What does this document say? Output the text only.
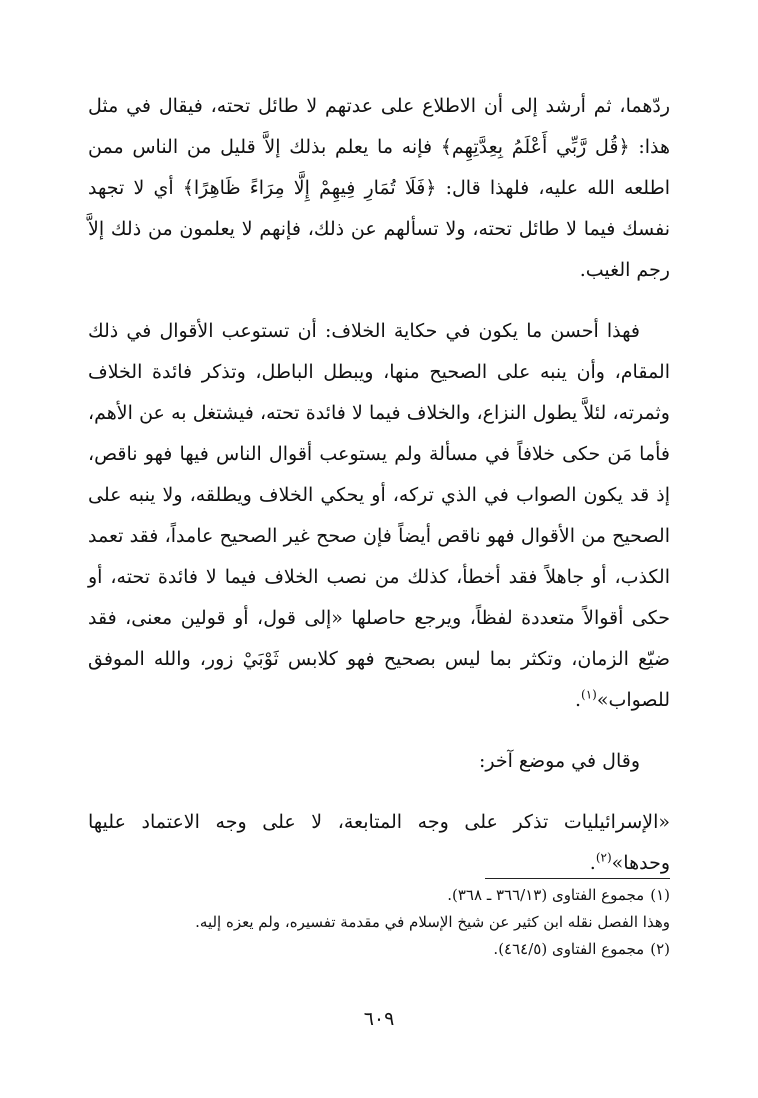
ردّهما، ثم أرشد إلى أن الاطلاع على عدتهم لا طائل تحته، فيقال في مثل هذا: ﴿قُل رَّبِّي أَعْلَمُ بِعِدَّتِهِم﴾ فإنه ما يعلم بذلك إلاَّ قليل من الناس ممن اطلعه الله عليه، فلهذا قال: ﴿فَلَا تُمَارِ فِيهِمْ إِلَّا مِرَاءً ظَاهِرًا﴾ أي لا تجهد نفسك فيما لا طائل تحته، ولا تسألهم عن ذلك، فإنهم لا يعلمون من ذلك إلاَّ رجم الغيب.

فهذا أحسن ما يكون في حكاية الخلاف: أن تستوعب الأقوال في ذلك المقام، وأن ينبه على الصحيح منها، ويبطل الباطل، وتذكر فائدة الخلاف وثمرته، لئلاَّ يطول النزاع، والخلاف فيما لا فائدة تحته، فيشتغل به عن الأهم، فأما مَن حكى خلافاً في مسألة ولم يستوعب أقوال الناس فيها فهو ناقص، إذ قد يكون الصواب في الذي تركه، أو يحكي الخلاف ويطلقه، ولا ينبه على الصحيح من الأقوال فهو ناقص أيضاً فإن صحح غير الصحيح عامداً، فقد تعمد الكذب، أو جاهلاً فقد أخطأ، كذلك من نصب الخلاف فيما لا فائدة تحته، أو حكى أقوالاً متعددة لفظاً، ويرجع حاصلها «إلى قول، أو قولين معنى، فقد ضيّع الزمان، وتكثر بما ليس بصحيح فهو كلابس ثَوْبَيْ زور، والله الموفق للصواب»$^{(١)}$.

وقال في موضع آخر:

«الإسرائيليات تذكر على وجه المتابعة، لا على وجه الاعتماد عليها وحدها»$^{(٢)}$.

(١)مجموع الفتاوى (٣٦٦/١٣ ـ ٣٦٨).

وهذا الفصل نقله ابن كثير عن شيخ الإسلام في مقدمة تفسيره، ولم يعزه إليه.

(٢)مجموع الفتاوى (٤٦٤/٥).

٦٠٩
